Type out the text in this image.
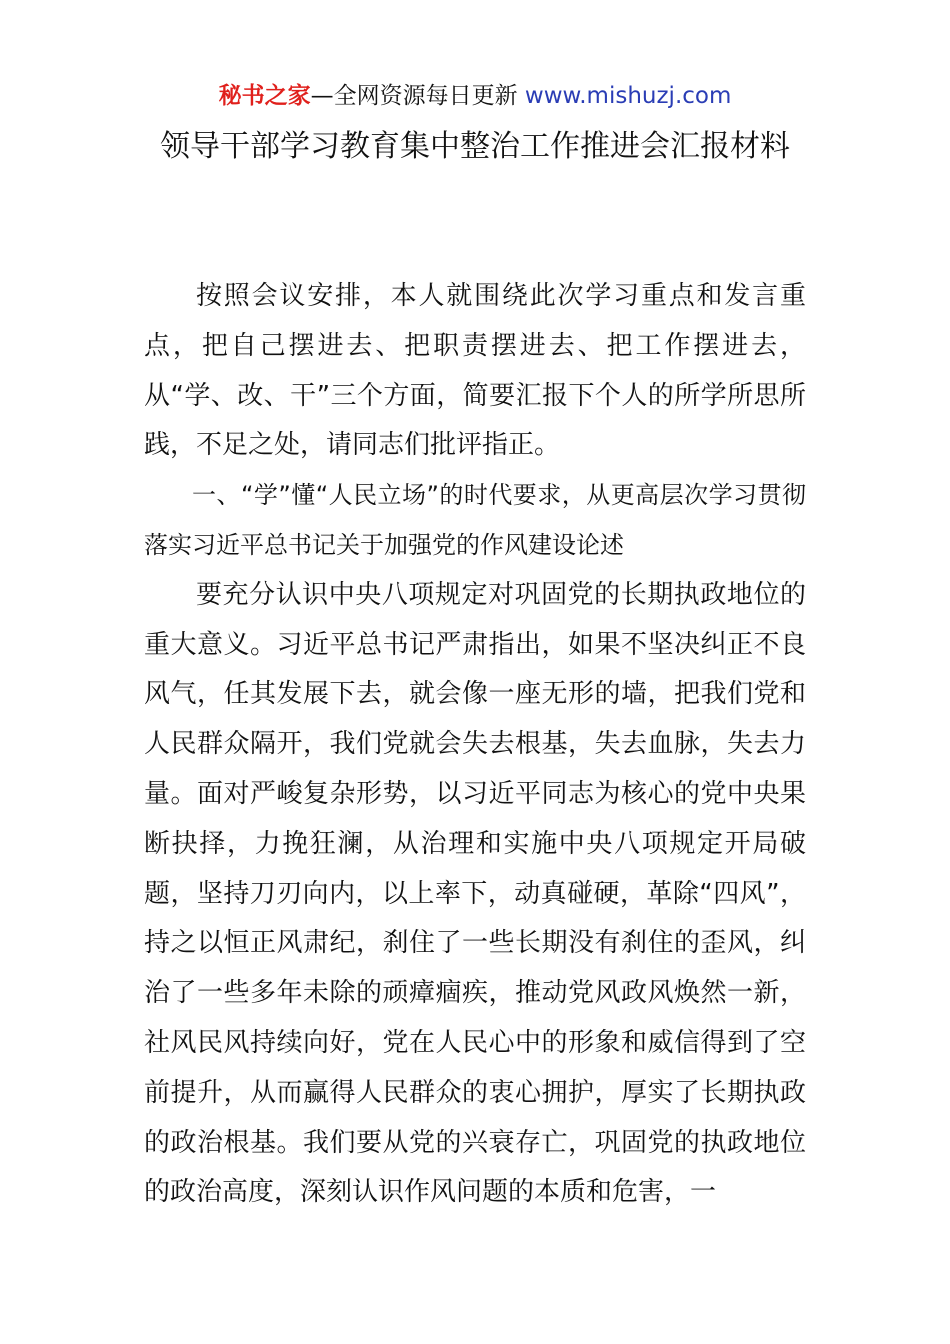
秘书之家—全网资源每日更新 www.mishuzj.com
领导干部学习教育集中整治工作推进会汇报材料

按照会议安排，本人就围绕此次学习重点和发言重点，把自己摆进去、把职责摆进去、把工作摆进去，从“学、改、干”三个方面，简要汇报下个人的所学所思所践，不足之处，请同志们批评指正。

一、“学”懂“人民立场”的时代要求，从更高层次学习贯彻落实习近平总书记关于加强党的作风建设论述

要充分认识中央八项规定对巩固党的长期执政地位的重大意义。习近平总书记严肃指出，如果不坚决纠正不良风气，任其发展下去，就会像一座无形的墙，把我们党和人民群众隔开，我们党就会失去根基，失去血脉，失去力量。面对严峻复杂形势，以习近平同志为核心的党中央果断抉择，力挽狂澜，从治理和实施中央八项规定开局破题，坚持刀刃向内，以上率下，动真碰硬，革除“四风”，持之以恒正风肃纪，刹住了一些长期没有刹住的歪风，纠治了一些多年未除的顽瘴痼疾，推动党风政风焕然一新，社风民风持续向好，党在人民心中的形象和威信得到了空前提升，从而赢得人民群众的衷心拥护，厚实了长期执政的政治根基。我们要从党的兴衰存亡，巩固党的执政地位的政治高度，深刻认识作风问题的本质和危害，一
